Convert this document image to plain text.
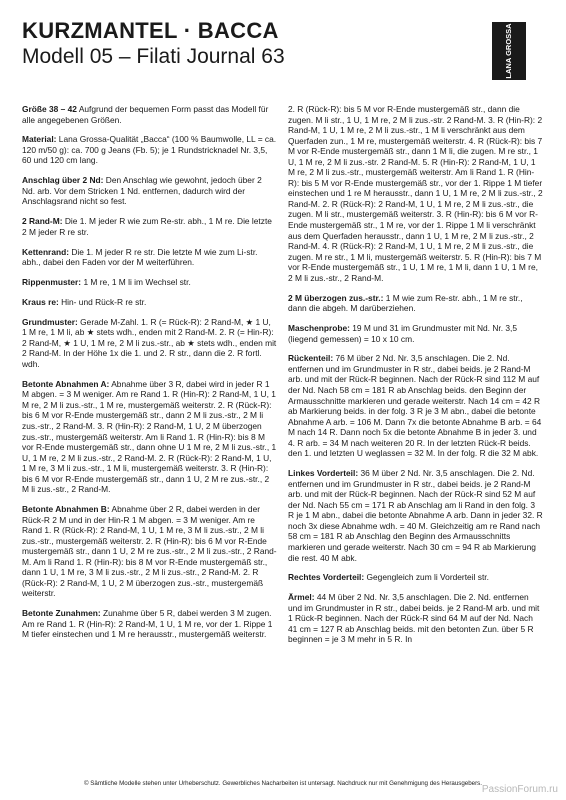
KURZMANTEL · BACCA
Modell 05 – Filati Journal 63	LANA GROSSA

Größe 38 – 42 Aufgrund der bequemen Form passt das Modell für alle angegebenen Größen.

Material: Lana Grossa-Qualität „Bacca“ (100 % Baumwolle, LL = ca. 120 m/50 g): ca. 700 g Jeans (Fb. 5); je 1 Rundstricknadel Nr. 3,5, 60 und 120 cm lang.

Anschlag über 2 Nd: Den Anschlag wie gewohnt, jedoch über 2 Nd. arb. Vor dem Stricken 1 Nd. entfernen, dadurch wird der Anschlagsrand nicht so fest.

2 Rand-M: Die 1. M jeder R wie zum Re-str. abh., 1 M re. Die letzte 2 M jeder R re str.

Kettenrand: Die 1. M jeder R re str. Die letzte M wie zum Li-str. abh., dabei den Faden vor der M weiterführen.

Rippenmuster: 1 M re, 1 M li im Wechsel str.

Kraus re: Hin- und Rück-R re str.

Grundmuster: Gerade M-Zahl. 1. R (= Rück-R): 2 Rand-M, ★ 1 U, 1 M re, 1 M li, ab ★ stets wdh., enden mit 2 Rand-M. 2. R (= Hin-R): 2 Rand-M, ★ 1 U, 1 M re, 2 M li zus.-str., ab ★ stets wdh., enden mit 2 Rand-M. In der Höhe 1x die 1. und 2. R str., dann die 2. R fortl. wdh.

Betonte Abnahmen A: Abnahme über 3 R, dabei wird in jeder R 1 M abgen. = 3 M weniger. Am re Rand 1. R (Hin-R): 2 Rand-M, 1 U, 1 M re, 2 M li zus.-str., 1 M re, mustergemäß weiterstr. 2. R (Rück-R): bis 6 M vor R-Ende mustergemäß str., dann 2 M li zus.-str., 2 M li zus.-str., 2 Rand-M. 3. R (Hin-R): 2 Rand-M, 1 U, 2 M überzogen zus.-str., mustergemäß weiterstr. Am li Rand 1. R (Hin-R): bis 8 M vor R-Ende mustergemäß str., dann ohne U 1 M re, 2 M li zus.-str., 1 U, 1 M re, 2 M li zus.-str., 2 Rand-M. 2. R (Rück-R): 2 Rand-M, 1 U, 1 M re, 3 M li zus.-str., 1 M li, mustergemäß weiterstr. 3. R (Hin-R): bis 6 M vor R-Ende mustergemäß str., dann 1 U, 2 M re zus.-str., 2 M li zus.-str., 2 Rand-M.

Betonte Abnahmen B: Abnahme über 2 R, dabei werden in der Rück-R 2 M und in der Hin-R 1 M abgen. = 3 M weniger. Am re Rand 1. R (Rück-R): 2 Rand-M, 1 U, 1 M re, 3 M li zus.-str., 2 M li zus.-str., mustergemäß weiterstr. 2. R (Hin-R): bis 6 M vor R-Ende mustergemäß str., dann 1 U, 2 M re zus.-str., 2 M li zus.-str., 2 Rand-M. Am li Rand 1. R (Hin-R): bis 8 M vor R-Ende mustergemäß str., dann 1 U, 1 M re, 3 M li zus.-str., 2 M li zus.-str., 2 Rand-M. 2. R (Rück-R): 2 Rand-M, 1 U, 2 M überzogen zus.-str., mustergemäß weiterstr.

Betonte Zunahmen: Zunahme über 5 R, dabei werden 3 M zugen. Am re Rand 1. R (Hin-R): 2 Rand-M, 1 U, 1 M re, vor der 1. Rippe 1 M tiefer einstechen und 1 M re herausstr., mustergemäß weiterstr.

2. R (Rück-R): bis 5 M vor R-Ende mustergemäß str., dann die zugen. M li str., 1 U, 1 M re, 2 M li zus.-str. 2 Rand-M. 3. R (Hin-R): 2 Rand-M, 1 U, 1 M re, 2 M li zus.-str., 1 M li verschränkt aus dem Querfaden zun., 1 M re, mustergemäß weiterstr. 4. R (Rück-R): bis 7 M vor R-Ende mustergemäß str., dann 1 M li, die zugen. M re str., 1 U, 1 M re, 2 M li zus.-str. 2 Rand-M. 5. R (Hin-R): 2 Rand-M, 1 U, 1 M re, 2 M li zus.-str., mustergemäß weiterstr. Am li Rand 1. R (Hin-R): bis 5 M vor R-Ende mustergemäß str., vor der 1. Rippe 1 M tiefer einstechen und 1 re M herausstr., dann 1 U, 1 M re, 2 M li zus.-str., 2 Rand-M. 2. R (Rück-R): 2 Rand-M, 1 U, 1 M re, 2 M li zus.-str., die zugen. M li str., mustergemäß weiterstr. 3. R (Hin-R): bis 6 M vor R-Ende mustergemäß str., 1 M re, vor der 1. Rippe 1 M li verschränkt aus dem Querfaden herausstr., dann 1 U, 1 M re, 2 M li zus.-str., 2 Rand-M. 4. R (Rück-R): 2 Rand-M, 1 U, 1 M re, 2 M li zus.-str., die zugen. M re str., 1 M li, mustergemäß weiterstr. 5. R (Hin-R): bis 7 M vor R-Ende mustergemäß str., 1 U, 1 M re, 1 M li, dann 1 U, 1 M re, 2 M li zus.-str., 2 Rand-M.

2 M überzogen zus.-str.: 1 M wie zum Re-str. abh., 1 M re str., dann die abgeh. M darüberziehen.

Maschenprobe: 19 M und 31 im Grundmuster mit Nd. Nr. 3,5 (liegend gemessen) = 10 x 10 cm.

Rückenteil: 76 M über 2 Nd. Nr. 3,5 anschlagen. Die 2. Nd. entfernen und im Grundmuster in R str., dabei beids. je 2 Rand-M arb. und mit der Rück-R beginnen. Nach der Rück-R sind 112 M auf der Nd. Nach 58 cm = 181 R ab Anschlag beids. den Beginn der Armausschnitte markieren und gerade weiterstr. Nach 14 cm = 42 R ab Markierung beids. in der folg. 3 R je 3 M abn., dabei die betonte Abnahme A arb. = 106 M. Dann 7x die betonte Abnahme B arb. = 64 M nach 14 R. Dann noch 5x die betonte Abnahme B in jeder 3. und 4. R arb. = 34 M nach weiteren 20 R. In der letzten Rück-R beids. den 1. und letzten U weglassen = 32 M. In der folg. R die 32 M abk.

Linkes Vorderteil: 36 M über 2 Nd. Nr. 3,5 anschlagen. Die 2. Nd. entfernen und im Grundmuster in R str., dabei beids. je 2 Rand-M arb. und mit der Rück-R beginnen. Nach der Rück-R sind 52 M auf der Nd. Nach 55 cm = 171 R ab Anschlag am li Rand in den folg. 3 R je 1 M abn., dabei die betonte Abnahme A arb. Dann in jeder 32. R noch 3x diese Abnahme wdh. = 40 M. Gleichzeitig am re Rand nach 58 cm = 181 R ab Anschlag den Beginn des Armausschnitts markieren und gerade weiterstr. Nach 30 cm = 94 R ab Markierung die rest. 40 M abk.

Rechtes Vorderteil: Gegengleich zum li Vorderteil str.

Ärmel: 44 M über 2 Nd. Nr. 3,5 anschlagen. Die 2. Nd. entfernen und im Grundmuster in R str., dabei beids. je 2 Rand-M arb. und mit 1 Rück-R beginnen. Nach der Rück-R sind 64 M auf der Nd. Nach 41 cm = 127 R ab Anschlag beids. mit den betonten Zun. über 5 R beginnen = je 3 M mehr in 5 R. In

© Sämtliche Modelle stehen unter Urheberschutz. Gewerbliches Nacharbeiten ist untersagt. Nachdruck nur mit Genehmigung des Herausgebers.
PassionForum.ru
